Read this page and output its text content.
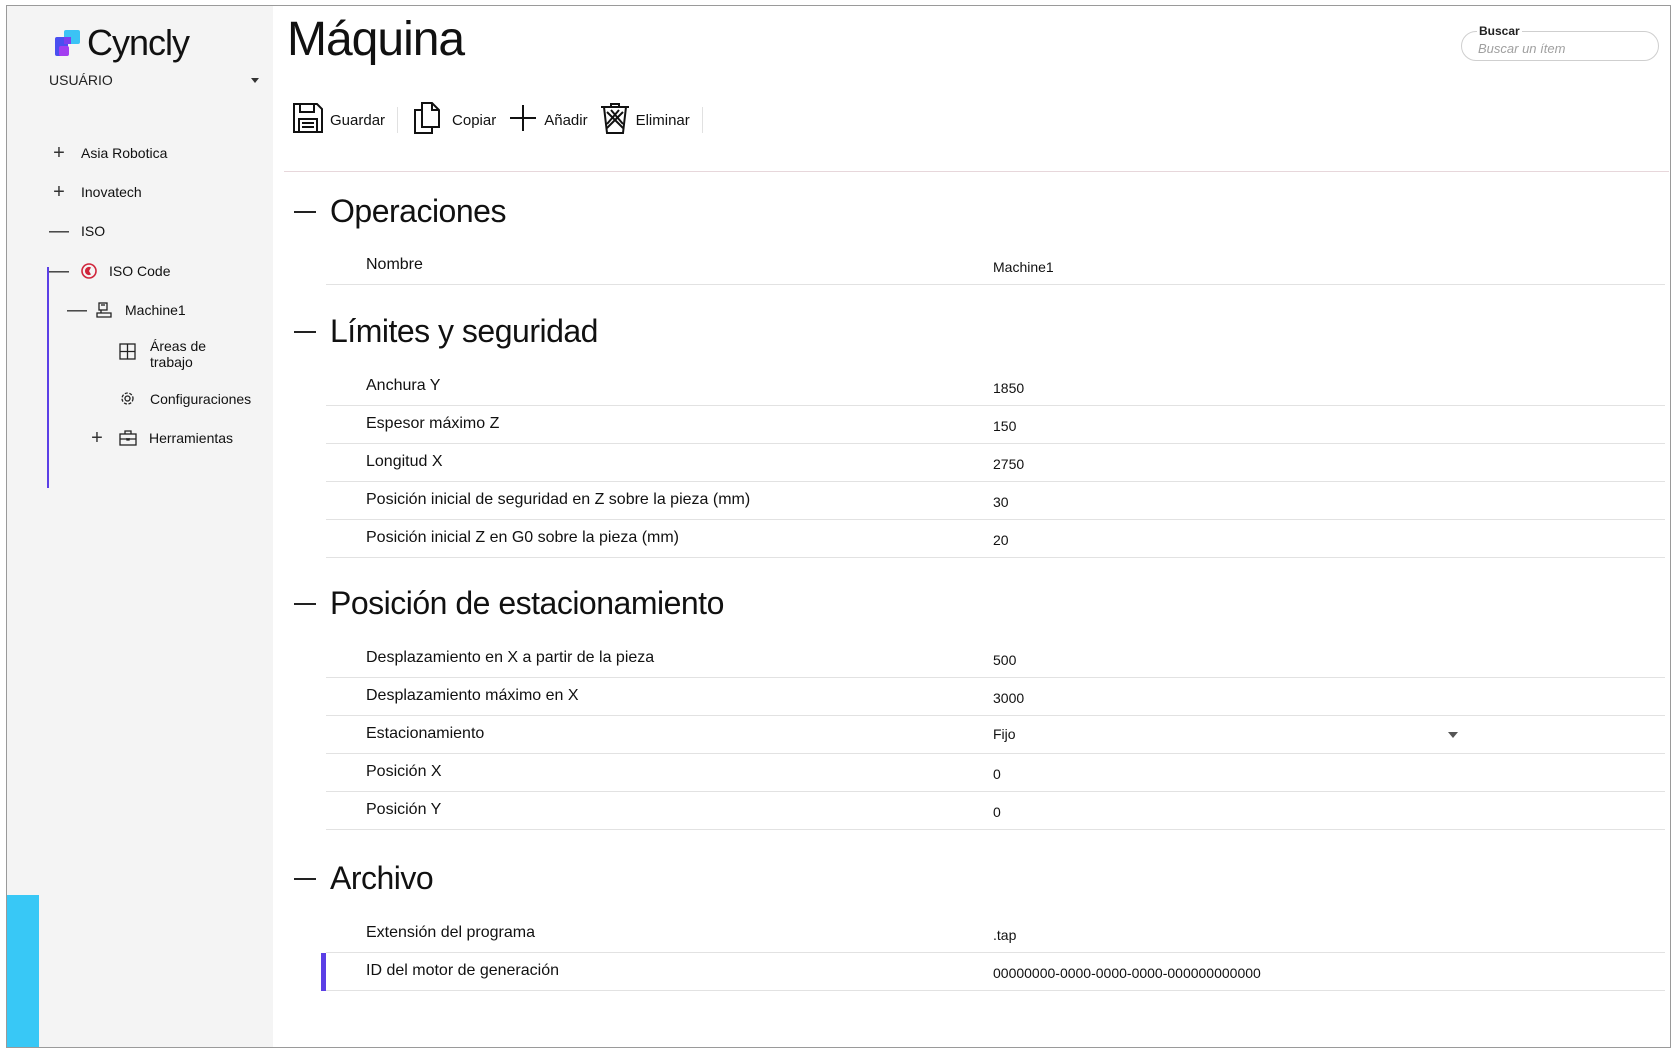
Cyncly
USUÁRIO
+ Asia Robotica
+ Inovatech
— ISO
—	ISO Code
—	Machine1
Áreas de
trabajo
Configuraciones
+	Herramientas
Máquina
Buscar un ítem	Buscar
Guardar	Copiar	Añadir	Eliminar
Operaciones
Nombre	Machine1
Límites y seguridad
Anchura Y	1850
Espesor máximo Z	150
Longitud X	2750
Posición inicial de seguridad en Z sobre la pieza (mm)	30
Posición inicial Z en G0 sobre la pieza (mm)	20
Posición de estacionamiento
Desplazamiento en X a partir de la pieza	500
Desplazamiento máximo en X	3000
Estacionamiento	Fijo
Posición X	0
Posición Y	0
Archivo
Extensión del programa	.tap
ID del motor de generación	00000000-0000-0000-0000-000000000000
